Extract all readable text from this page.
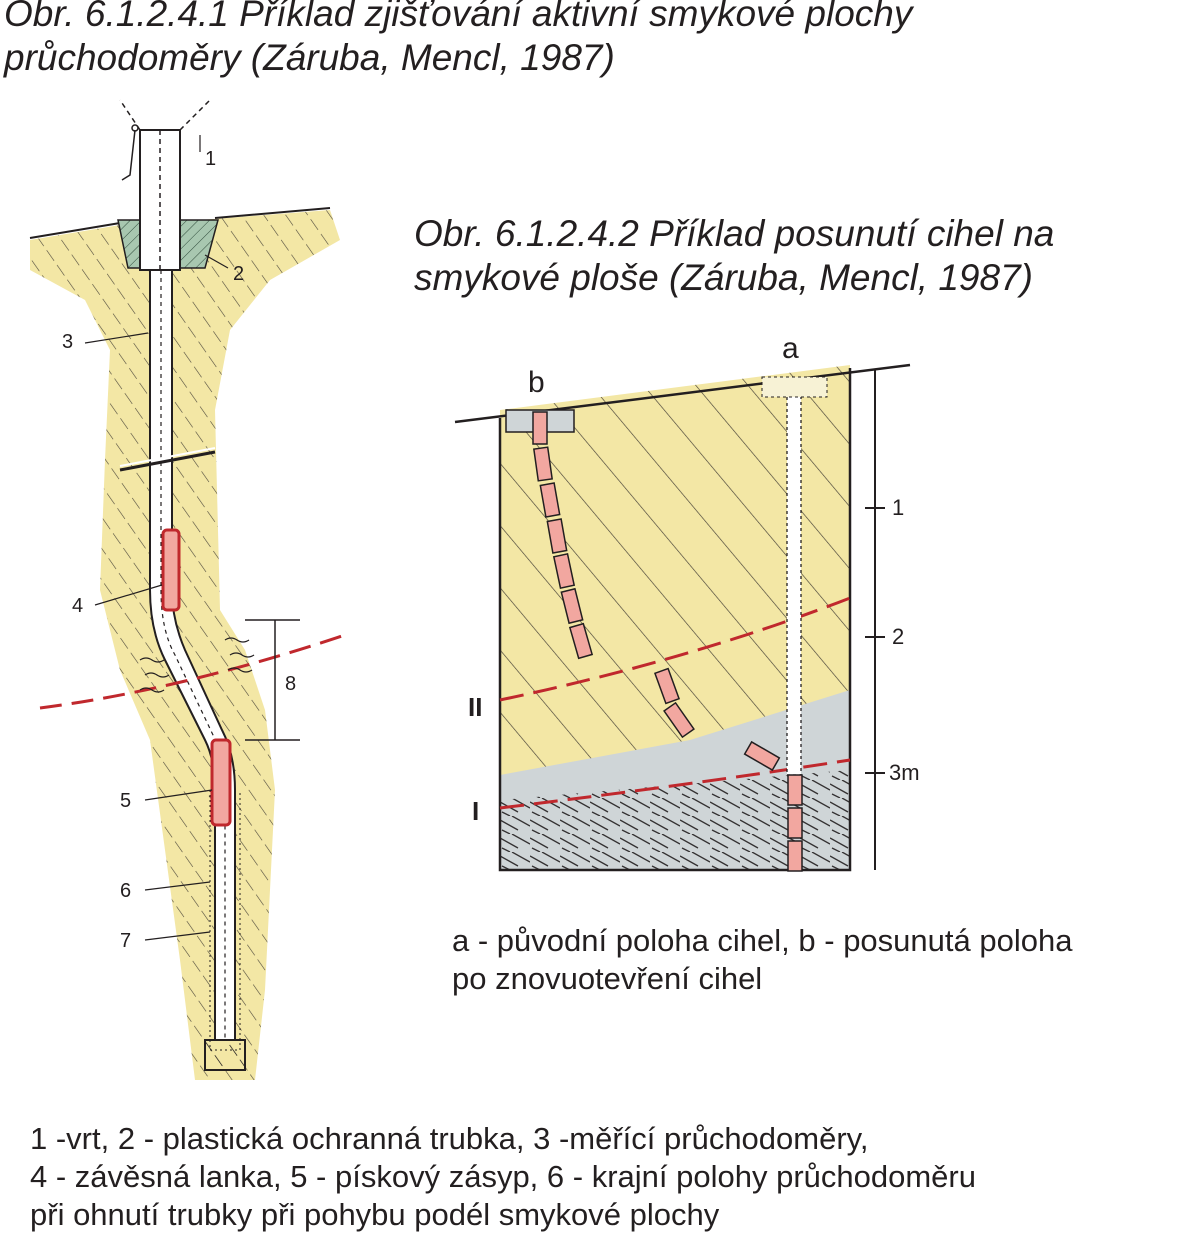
Obr. 6.1.2.4.1 Příklad zjišťování aktivní smykové plochy
průchodoměry (Záruba, Mencl, 1987)
Obr. 6.1.2.4.2 Příklad posunutí cihel na
smykové ploše (Záruba, Mencl, 1987)
1
2
3
4
5
6
7
8
1
2
3m
a
b
II
I
a - původní poloha cihel, b - posunutá poloha
po znovuotevření cihel
1 -vrt, 2 - plastická ochranná trubka, 3 -měřící průchodoměry,
4 - závěsná lanka, 5 - pískový zásyp, 6 - krajní polohy průchodoměru
při ohnutí trubky při pohybu podél smykové plochy
